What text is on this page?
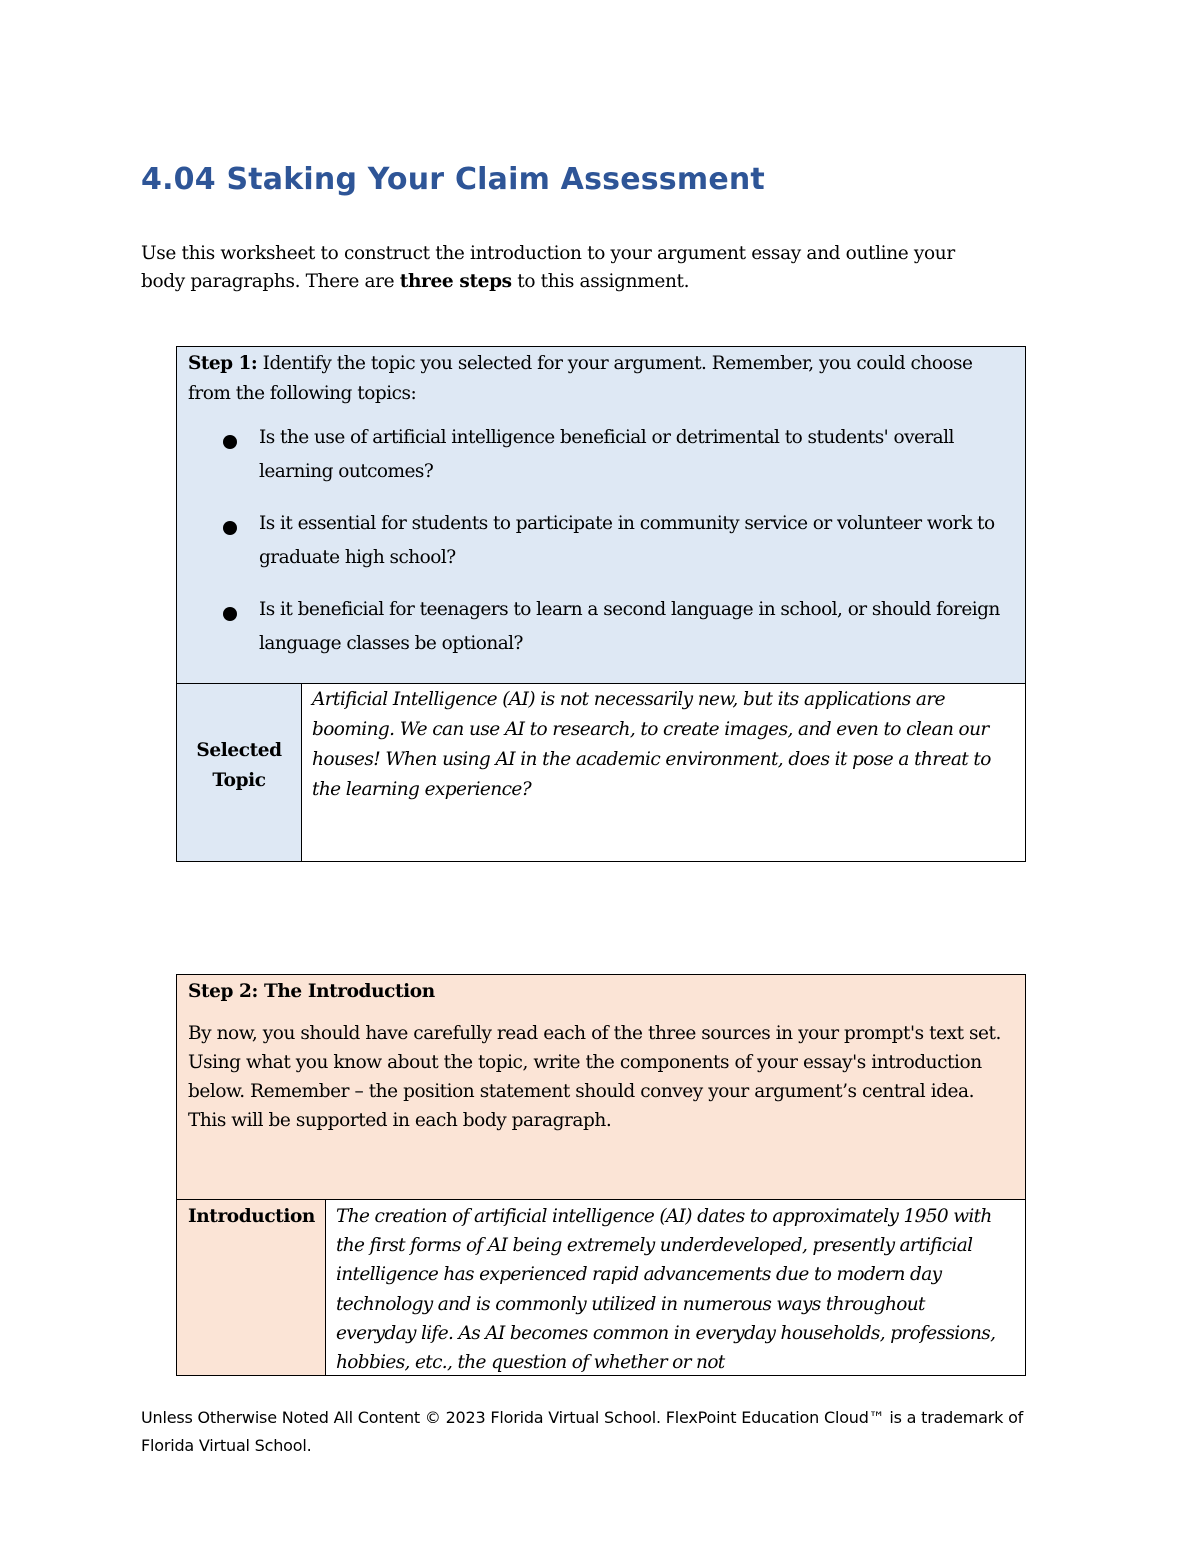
4.04 Staking Your Claim Assessment

Use this worksheet to construct the introduction to your argument essay and outline your body paragraphs. There are three steps to this assignment.

Step 1: Identify the topic you selected for your argument. Remember, you could choose from the following topics:

Is the use of artificial intelligence beneficial or detrimental to students' overall learning outcomes?
Is it essential for students to participate in community service or volunteer work to graduate high school?
Is it beneficial for teenagers to learn a second language in school, or should foreign language classes be optional?

Selected Topic	Artificial Intelligence (AI) is not necessarily new, but its applications are booming. We can use AI to research, to create images, and even to clean our houses! When using AI in the academic environment, does it pose a threat to the learning experience?

Step 2: The Introduction

By now, you should have carefully read each of the three sources in your prompt's text set. Using what you know about the topic, write the components of your essay's introduction below. Remember – the position statement should convey your argument’s central idea. This will be supported in each body paragraph.

Introduction	The creation of artificial intelligence (AI) dates to approximately 1950 with the first forms of AI being extremely underdeveloped, presently artificial intelligence has experienced rapid advancements due to modern day technology and is commonly utilized in numerous ways throughout everyday life. As AI becomes common in everyday households, professions, hobbies, etc., the question of whether or not

Unless Otherwise Noted All Content © 2023 Florida Virtual School. FlexPoint Education Cloud™ is a trademark of Florida Virtual School.
